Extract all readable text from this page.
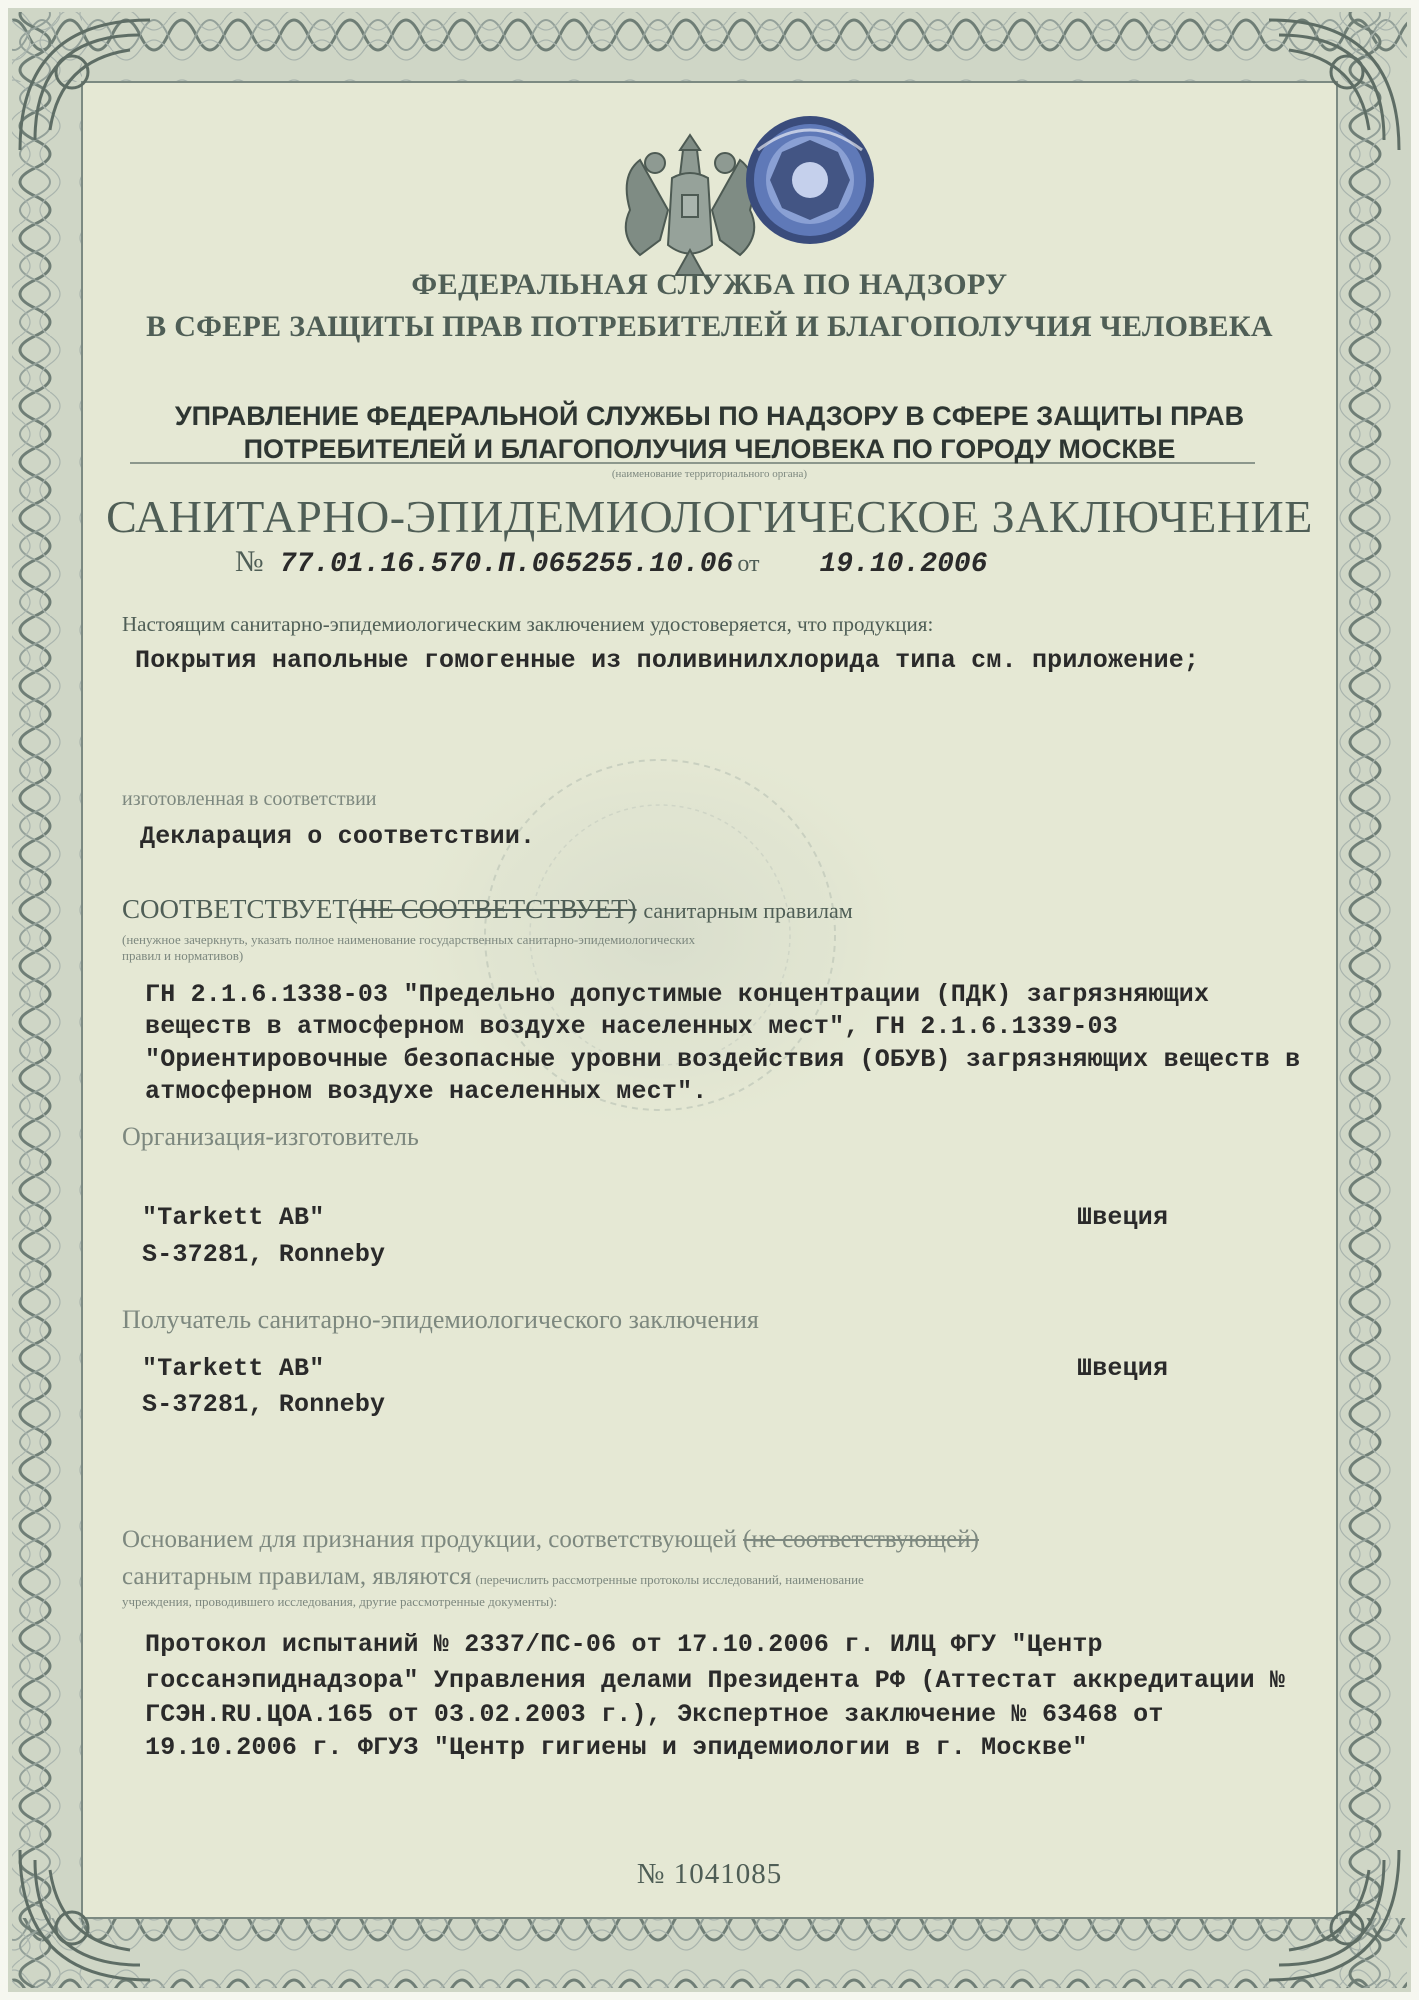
ФЕДЕРАЛЬНАЯ СЛУЖБА ПО НАДЗОРУ
В СФЕРЕ ЗАЩИТЫ ПРАВ ПОТРЕБИТЕЛЕЙ И БЛАГОПОЛУЧИЯ ЧЕЛОВЕКА
УПРАВЛЕНИЕ ФЕДЕРАЛЬНОЙ СЛУЖБЫ ПО НАДЗОРУ В СФЕРЕ ЗАЩИТЫ ПРАВ
ПОТРЕБИТЕЛЕЙ И БЛАГОПОЛУЧИЯ ЧЕЛОВЕКА ПО ГОРОДУ МОСКВЕ
(наименование территориального органа)
САНИТАРНО-ЭПИДЕМИОЛОГИЧЕСКОЕ ЗАКЛЮЧЕНИЕ
№ 77.01.16.570.П.065255.10.06 от 19.10.2006
Настоящим санитарно-эпидемиологическим заключением удостоверяется, что продукция:
Покрытия напольные гомогенные из поливинилхлорида типа см. приложение;
изготовленная в соответствии
Декларация о соответствии.
СООТВЕТСТВУЕТ(НЕ СООТВЕТСТВУЕТ) санитарным правилам
(ненужное зачеркнуть, указать полное наименование государственных санитарно-эпидемиологических
правил и нормативов)
ГН 2.1.6.1338-03 "Предельно допустимые концентрации (ПДК) загрязняющих
веществ в атмосферном воздухе населенных мест", ГН 2.1.6.1339-03
"Ориентировочные безопасные уровни воздействия (ОБУВ) загрязняющих веществ в
атмосферном воздухе населенных мест".
Организация-изготовитель
"Tarkett AB"
S-37281, Ronneby
Швеция
Получатель санитарно-эпидемиологического заключения
"Tarkett AB"
S-37281, Ronneby
Швеция
Основанием для признания продукции, соответствующей (не соответствующей)
санитарным правилам, являются (перечислить рассмотренные протоколы исследований, наименование
учреждения, проводившего исследования, другие рассмотренные документы):
Протокол испытаний № 2337/ПС-06 от 17.10.2006 г. ИЛЦ ФГУ "Центр
госсанэпиднадзора" Управления делами Президента РФ (Аттестат аккредитации №
ГСЭН.RU.ЦОА.165 от 03.02.2003 г.), Экспертное заключение № 63468 от
19.10.2006 г. ФГУЗ "Центр гигиены и эпидемиологии в г. Москве"
№ 1041085
